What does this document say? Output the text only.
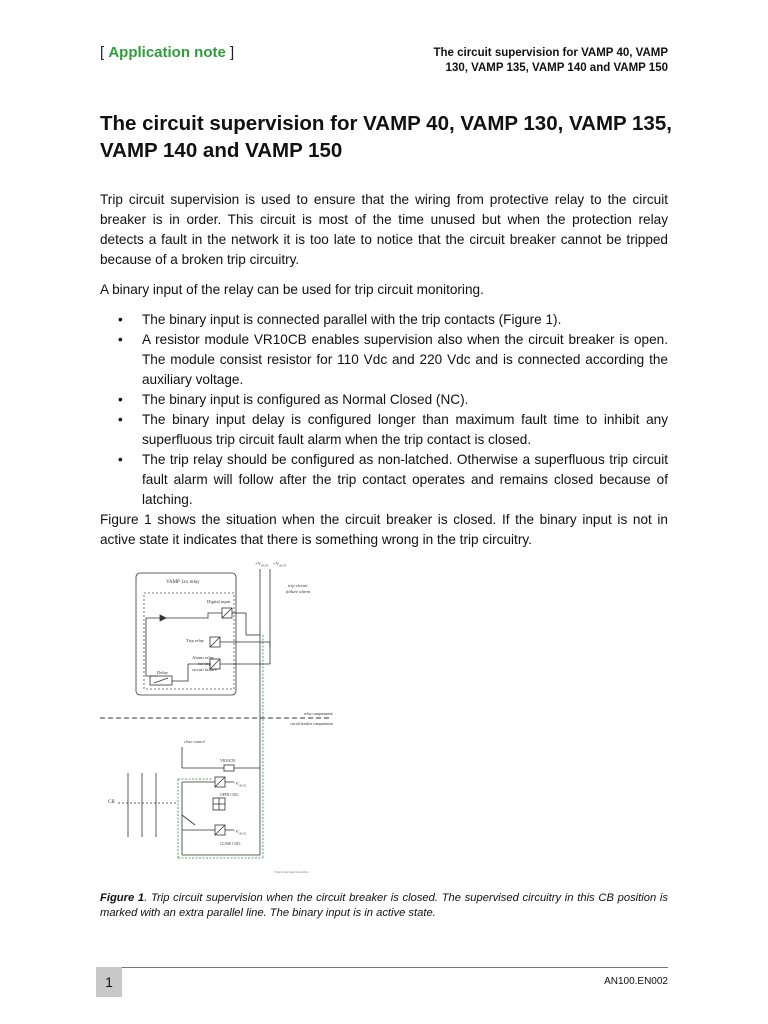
[ Application note ]	The circuit supervision for VAMP 40, VAMP 130, VAMP 135, VAMP 140 and VAMP 150
The circuit supervision for VAMP 40, VAMP 130, VAMP 135, VAMP 140 and VAMP 150

Trip circuit supervision is used to ensure that the wiring from protective relay to the circuit breaker is in order. This circuit is most of the time unused but when the protection relay detects a fault in the network it is too late to notice that the circuit breaker cannot be tripped because of a broken trip circuitry.

A binary input of the relay can be used for trip circuit monitoring.

• The binary input is connected parallel with the trip contacts (Figure 1).
• A resistor module VR10CB enables supervision also when the circuit breaker is open. The module consist resistor for 110 Vdc and 220 Vdc and is connected according the auxiliary voltage.
• The binary input is configured as Normal Closed (NC).
• The binary input delay is configured longer than maximum fault time to inhibit any superfluous trip circuit fault alarm when the trip contact is closed.
• The trip relay should be configured as non-latched. Otherwise a superfluous trip circuit fault alarm will follow after the trip contact operates and remains closed because of latching.

Figure 1 shows the situation when the circuit breaker is closed. If the binary input is not in active state it indicates that there is something wrong in the trip circuitry.

$+V_{AUX} +V_{AUX}$
VAMP 1xx relay
Digital input
Trip relay
Alarm relay
for trip
circuit failure
Delay
trip circuit
failure alarm
relay compartment
circuit breaker compartment
close control
VR10CB
$-V_{AUX}$
OPEN COIL
CB
$-V_{AUX}$
CLOSE COIL
TripCircuitSupervisionPos
Figure 1. Trip circuit supervision when the circuit breaker is closed. The supervised circuitry in this CB position is marked with an extra parallel line. The binary input is in active state.
1	AN100.EN002
